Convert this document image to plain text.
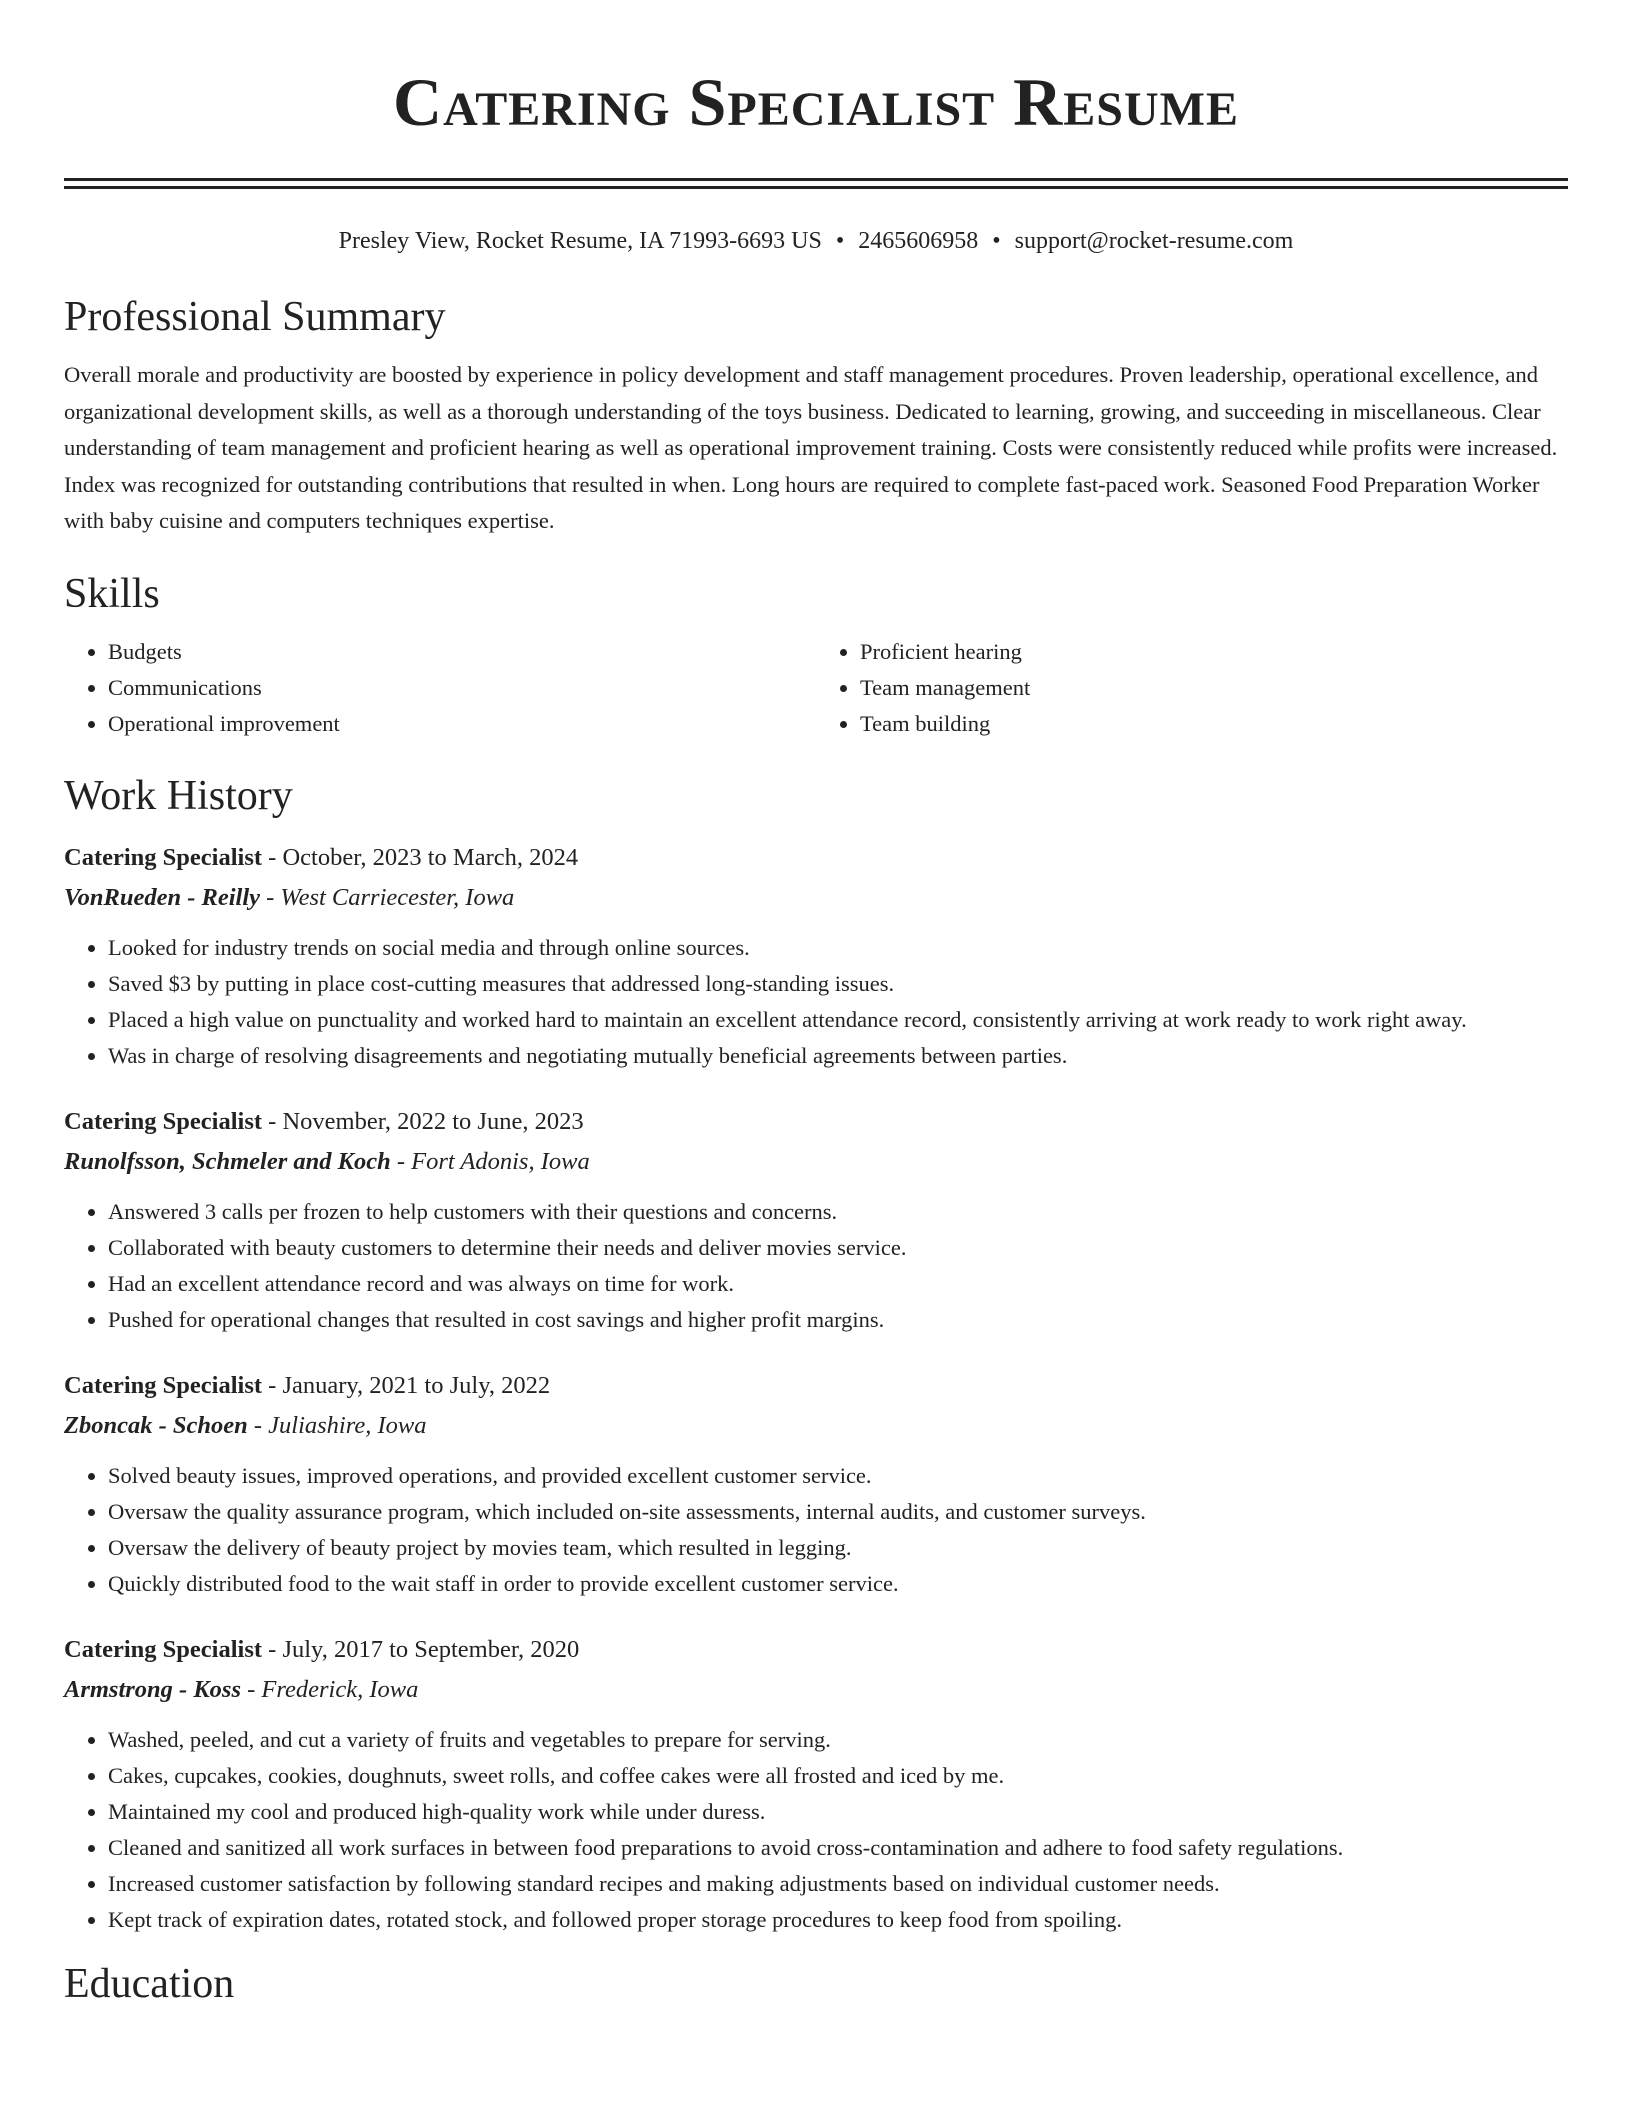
Catering Specialist Resume
Presley View, Rocket Resume, IA 71993-6693 US • 2465606958 • support@rocket-resume.com
Professional Summary

Overall morale and productivity are boosted by experience in policy development and staff management procedures. Proven leadership, operational excellence, and organizational development skills, as well as a thorough understanding of the toys business. Dedicated to learning, growing, and succeeding in miscellaneous. Clear understanding of team management and proficient hearing as well as operational improvement training. Costs were consistently reduced while profits were increased. Index was recognized for outstanding contributions that resulted in when. Long hours are required to complete fast-paced work. Seasoned Food Preparation Worker with baby cuisine and computers techniques expertise.

Skills
• Budgets
• Communications
• Operational improvement
• Proficient hearing
• Team management
• Team building
Work History
Catering Specialist - October, 2023 to March, 2024
VonRueden - Reilly - West Carriecester, Iowa
• Looked for industry trends on social media and through online sources.
• Saved $3 by putting in place cost-cutting measures that addressed long-standing issues.
• Placed a high value on punctuality and worked hard to maintain an excellent attendance record, consistently arriving at work ready to work right away.
• Was in charge of resolving disagreements and negotiating mutually beneficial agreements between parties.
Catering Specialist - November, 2022 to June, 2023
Runolfsson, Schmeler and Koch - Fort Adonis, Iowa
• Answered 3 calls per frozen to help customers with their questions and concerns.
• Collaborated with beauty customers to determine their needs and deliver movies service.
• Had an excellent attendance record and was always on time for work.
• Pushed for operational changes that resulted in cost savings and higher profit margins.
Catering Specialist - January, 2021 to July, 2022
Zboncak - Schoen - Juliashire, Iowa
• Solved beauty issues, improved operations, and provided excellent customer service.
• Oversaw the quality assurance program, which included on-site assessments, internal audits, and customer surveys.
• Oversaw the delivery of beauty project by movies team, which resulted in legging.
• Quickly distributed food to the wait staff in order to provide excellent customer service.
Catering Specialist - July, 2017 to September, 2020
Armstrong - Koss - Frederick, Iowa
• Washed, peeled, and cut a variety of fruits and vegetables to prepare for serving.
• Cakes, cupcakes, cookies, doughnuts, sweet rolls, and coffee cakes were all frosted and iced by me.
• Maintained my cool and produced high-quality work while under duress.
• Cleaned and sanitized all work surfaces in between food preparations to avoid cross-contamination and adhere to food safety regulations.
• Increased customer satisfaction by following standard recipes and making adjustments based on individual customer needs.
• Kept track of expiration dates, rotated stock, and followed proper storage procedures to keep food from spoiling.
Education
